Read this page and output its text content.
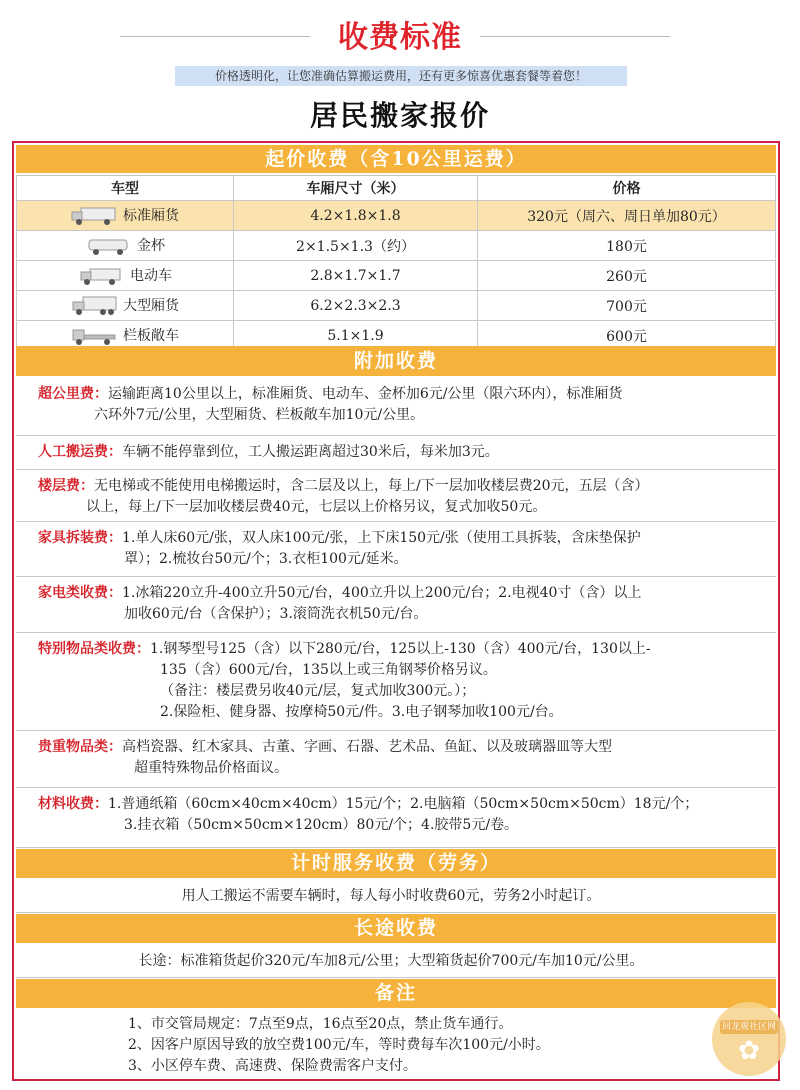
收费标准
价格透明化，让您准确估算搬运费用，还有更多惊喜优惠套餐等着您！
居民搬家报价
起价收费（含10公里运费）
车型	车厢尺寸（米）	价格
标准厢货	4.2×1.8×1.8	320元（周六、周日单加80元）
金杯	2×1.5×1.3（约）	180元
电动车	2.8×1.7×1.7	260元
大型厢货	6.2×2.3×2.3	700元
栏板敞车	5.1×1.9	600元
附加收费

超公里费：运输距离10公里以上，标准厢货、电动车、金杯加6元/公里（限六环内），标准厢货

六环外7元/公里，大型厢货、栏板敞车加10元/公里。

人工搬运费：车辆不能停靠到位，工人搬运距离超过30米后，每米加3元。

楼层费：无电梯或不能使用电梯搬运时，含二层及以上，每上/下一层加收楼层费20元，五层（含）

以上，每上/下一层加收楼层费40元，七层以上价格另议，复式加收50元。

家具拆装费：1.单人床60元/张，双人床100元/张，上下床150元/张（使用工具拆装，含床垫保护

罩）；2.梳妆台50元/个；3.衣柜100元/延米。

家电类收费：1.冰箱220立升-400立升50元/台，400立升以上200元/台；2.电视40寸（含）以上

加收60元/台（含保护）；3.滚筒洗衣机50元/台。

特别物品类收费：1.钢琴型号125（含）以下280元/台，125以上-130（含）400元/台，130以上-

135（含）600元/台，135以上或三角钢琴价格另议。

（备注：楼层费另收40元/层，复式加收300元。）；

2.保险柜、健身器、按摩椅50元/件。3.电子钢琴加收100元/台。

贵重物品类：高档瓷器、红木家具、古董、字画、石器、艺术品、鱼缸、以及玻璃器皿等大型

超重特殊物品价格面议。

材料收费：1.普通纸箱（60cm×40cm×40cm）15元/个；2.电脑箱（50cm×50cm×50cm）18元/个；

3.挂衣箱（50cm×50cm×120cm）80元/个；4.胶带5元/卷。

计时服务收费（劳务）
用人工搬运不需要车辆时，每人每小时收费60元，劳务2小时起订。
长途收费
长途：标准箱货起价320元/车加8元/公里；大型箱货起价700元/车加10元/公里。
备注

1、市交管局规定：7点至9点，16点至20点，禁止货车通行。

2、因客户原因导致的放空费100元/车，等时费每车次100元/小时。

3、小区停车费、高速费、保险费需客户支付。

回龙观社区网
✿
